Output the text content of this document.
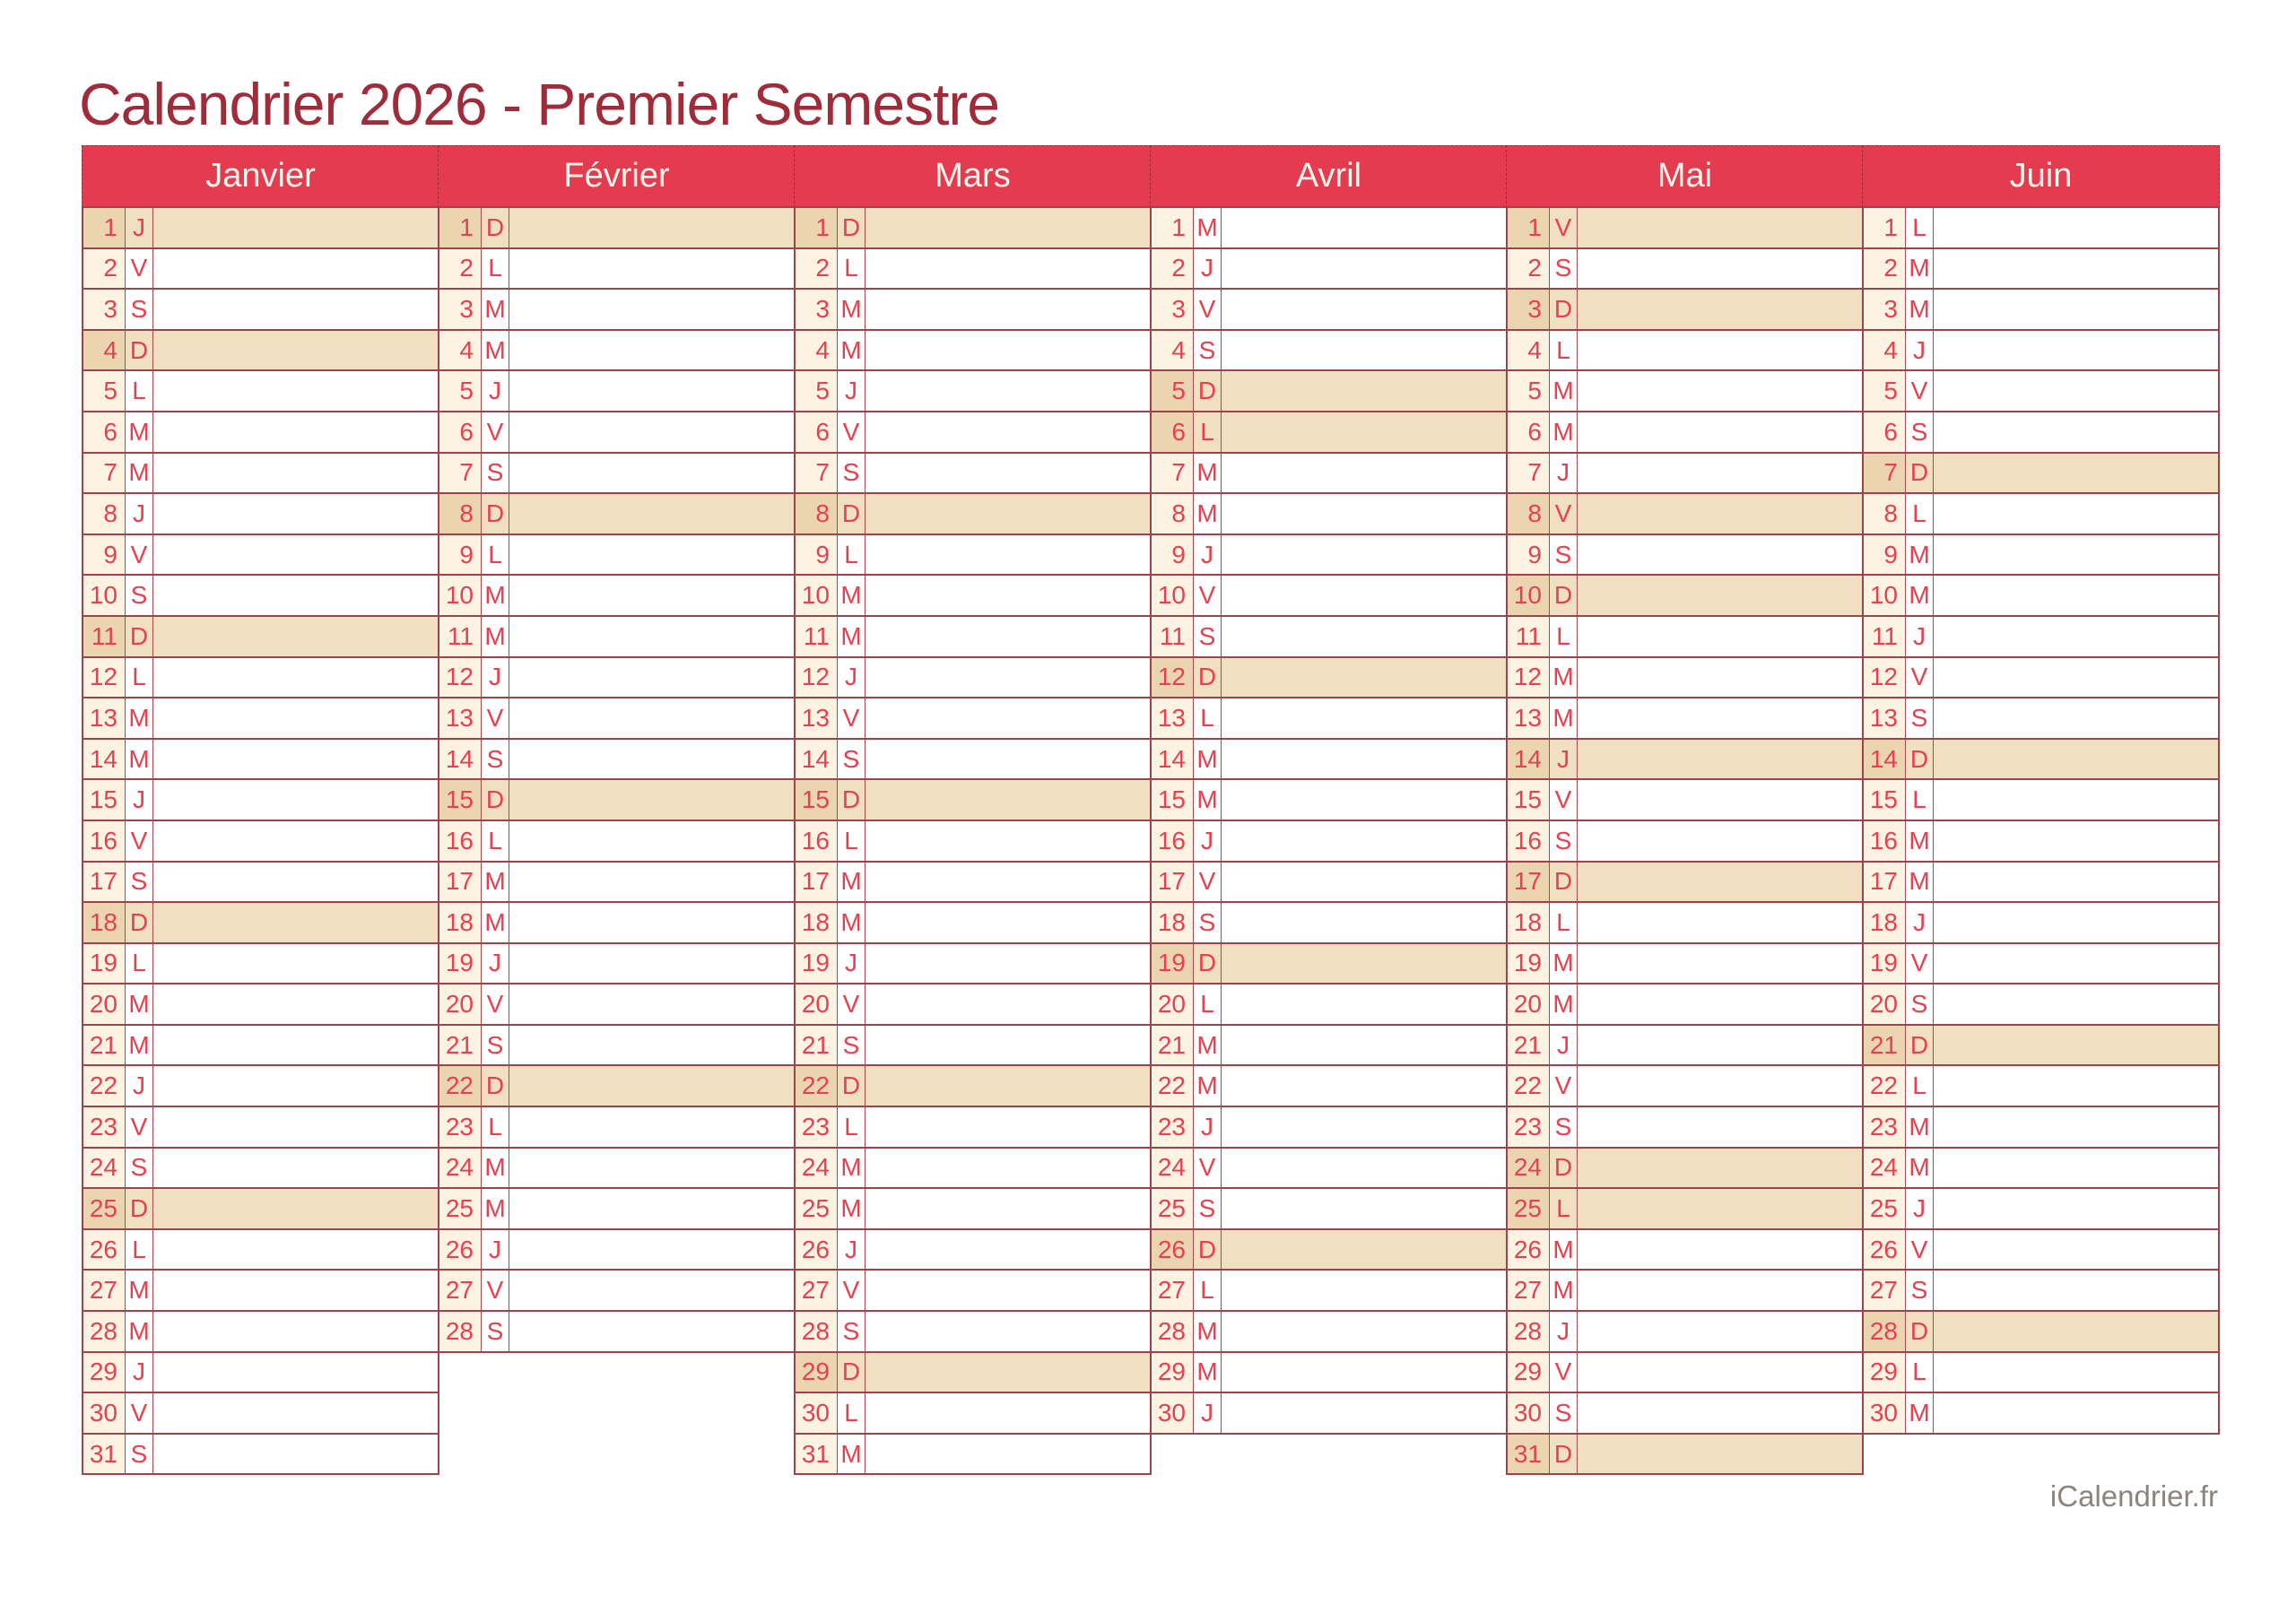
Calendrier 2026 - Premier Semestre
Janvier
1 J
2 V
3 S
4 D
5 L
6 M
7 M
8 J
9 V
10 S
11 D
12 L
13 M
14 M
15 J
16 V
17 S
18 D
19 L
20 M
21 M
22 J
23 V
24 S
25 D
26 L
27 M
28 M
29 J
30 V
31 S
Février
1 D
2 L
3 M
4 M
5 J
6 V
7 S
8 D
9 L
10 M
11 M
12 J
13 V
14 S
15 D
16 L
17 M
18 M
19 J
20 V
21 S
22 D
23 L
24 M
25 M
26 J
27 V
28 S
Mars
1 D
2 L
3 M
4 M
5 J
6 V
7 S
8 D
9 L
10 M
11 M
12 J
13 V
14 S
15 D
16 L
17 M
18 M
19 J
20 V
21 S
22 D
23 L
24 M
25 M
26 J
27 V
28 S
29 D
30 L
31 M
Avril
1 M
2 J
3 V
4 S
5 D
6 L
7 M
8 M
9 J
10 V
11 S
12 D
13 L
14 M
15 M
16 J
17 V
18 S
19 D
20 L
21 M
22 M
23 J
24 V
25 S
26 D
27 L
28 M
29 M
30 J
Mai
1 V
2 S
3 D
4 L
5 M
6 M
7 J
8 V
9 S
10 D
11 L
12 M
13 M
14 J
15 V
16 S
17 D
18 L
19 M
20 M
21 J
22 V
23 S
24 D
25 L
26 M
27 M
28 J
29 V
30 S
31 D
Juin
1 L
2 M
3 M
4 J
5 V
6 S
7 D
8 L
9 M
10 M
11 J
12 V
13 S
14 D
15 L
16 M
17 M
18 J
19 V
20 S
21 D
22 L
23 M
24 M
25 J
26 V
27 S
28 D
29 L
30 M
iCalendrier.fr
